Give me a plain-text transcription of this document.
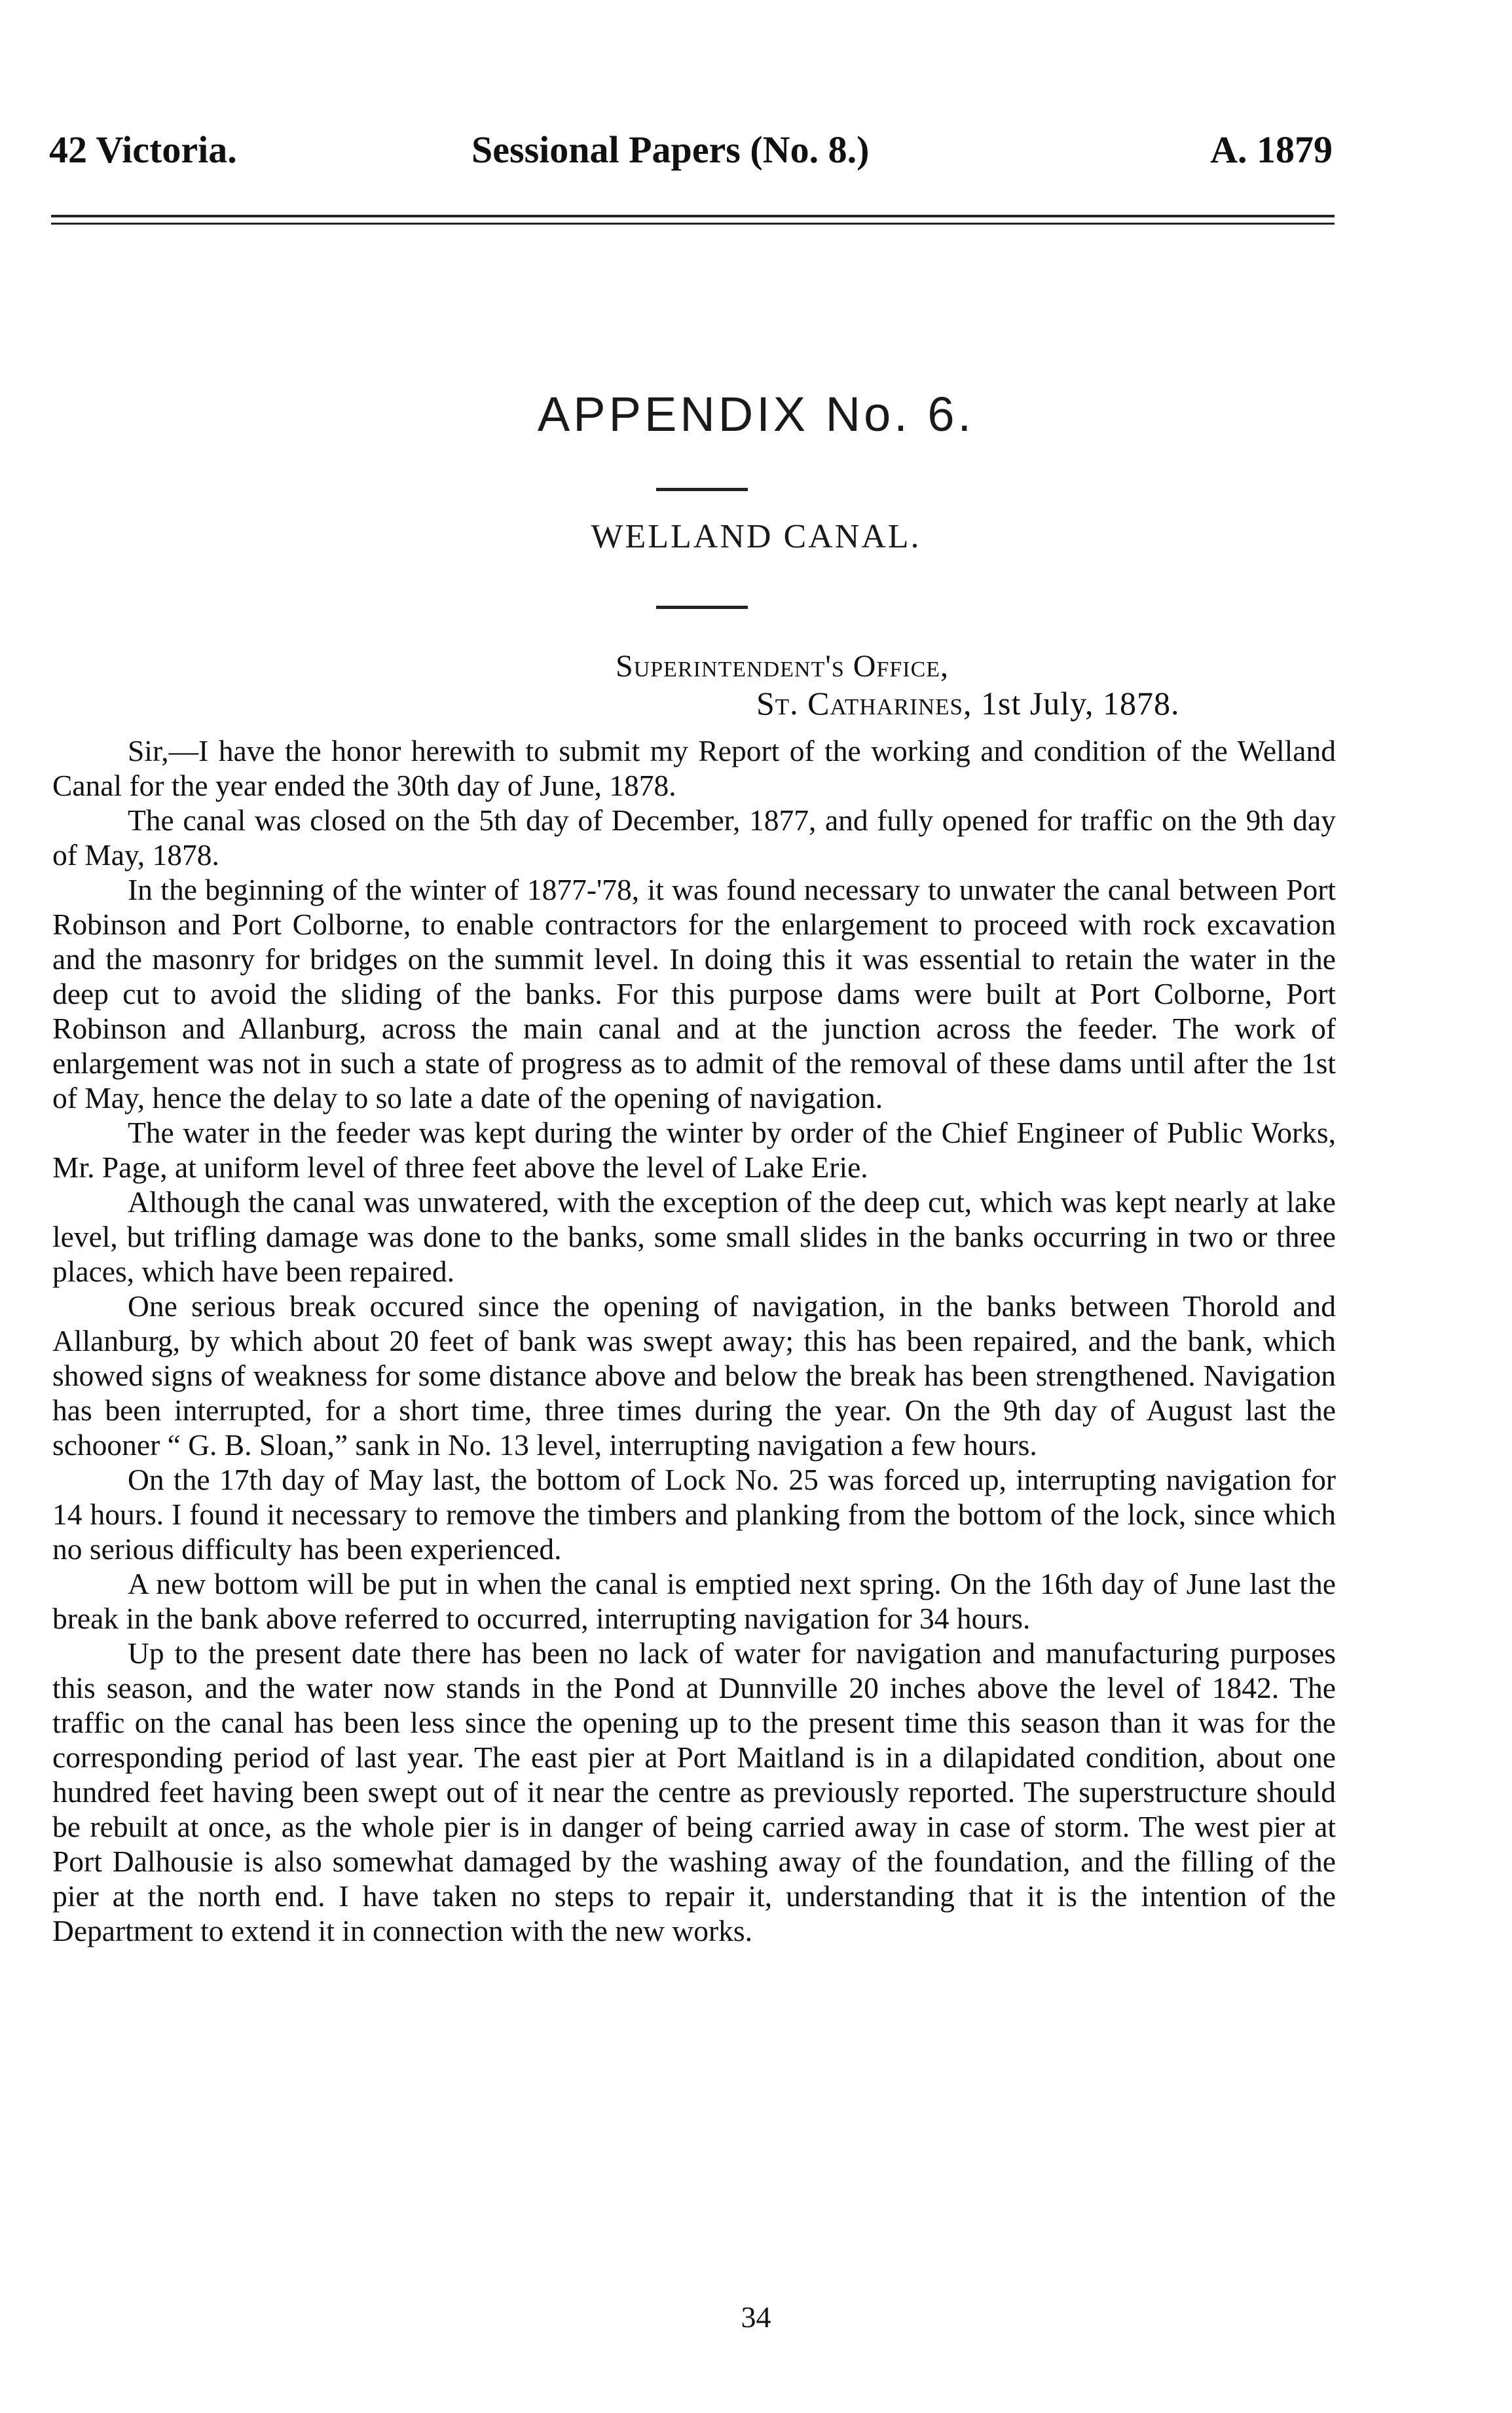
42 Victoria.	Sessional Papers (No. 8.)	A. 1879
APPENDIX No. 6.
WELLAND CANAL.
Superintendent's Office,
St. Catharines, 1st July, 1878.

Sir,—I have the honor herewith to submit my Report of the working and condition of the Welland Canal for the year ended the 30th day of June, 1878.

The canal was closed on the 5th day of December, 1877, and fully opened for traffic on the 9th day of May, 1878.

In the beginning of the winter of 1877-'78, it was found necessary to unwater the canal between Port Robinson and Port Colborne, to enable contractors for the enlargement to proceed with rock excavation and the masonry for bridges on the summit level. In doing this it was essential to retain the water in the deep cut to avoid the sliding of the banks. For this purpose dams were built at Port Colborne, Port Robinson and Allanburg, across the main canal and at the junction across the feeder. The work of enlargement was not in such a state of progress as to admit of the removal of these dams until after the 1st of May, hence the delay to so late a date of the opening of navigation.

The water in the feeder was kept during the winter by order of the Chief Engineer of Public Works, Mr. Page, at uniform level of three feet above the level of Lake Erie.

Although the canal was unwatered, with the exception of the deep cut, which was kept nearly at lake level, but trifling damage was done to the banks, some small slides in the banks occurring in two or three places, which have been repaired.

One serious break occured since the opening of navigation, in the banks between Thorold and Allanburg, by which about 20 feet of bank was swept away; this has been repaired, and the bank, which showed signs of weakness for some distance above and below the break has been strengthened. Navigation has been interrupted, for a short time, three times during the year. On the 9th day of August last the schooner “ G. B. Sloan,” sank in No. 13 level, interrupting navigation a few hours.

On the 17th day of May last, the bottom of Lock No. 25 was forced up, interrupting navigation for 14 hours. I found it necessary to remove the timbers and planking from the bottom of the lock, since which no serious difficulty has been experienced.

A new bottom will be put in when the canal is emptied next spring. On the 16th day of June last the break in the bank above referred to occurred, interrupting navigation for 34 hours.

Up to the present date there has been no lack of water for navigation and manufacturing purposes this season, and the water now stands in the Pond at Dunnville 20 inches above the level of 1842. The traffic on the canal has been less since the opening up to the present time this season than it was for the corresponding period of last year. The east pier at Port Maitland is in a dilapidated condition, about one hundred feet having been swept out of it near the centre as previously reported. The superstructure should be rebuilt at once, as the whole pier is in danger of being carried away in case of storm. The west pier at Port Dalhousie is also somewhat damaged by the washing away of the foundation, and the filling of the pier at the north end. I have taken no steps to repair it, understanding that it is the intention of the Department to extend it in connection with the new works.

34
